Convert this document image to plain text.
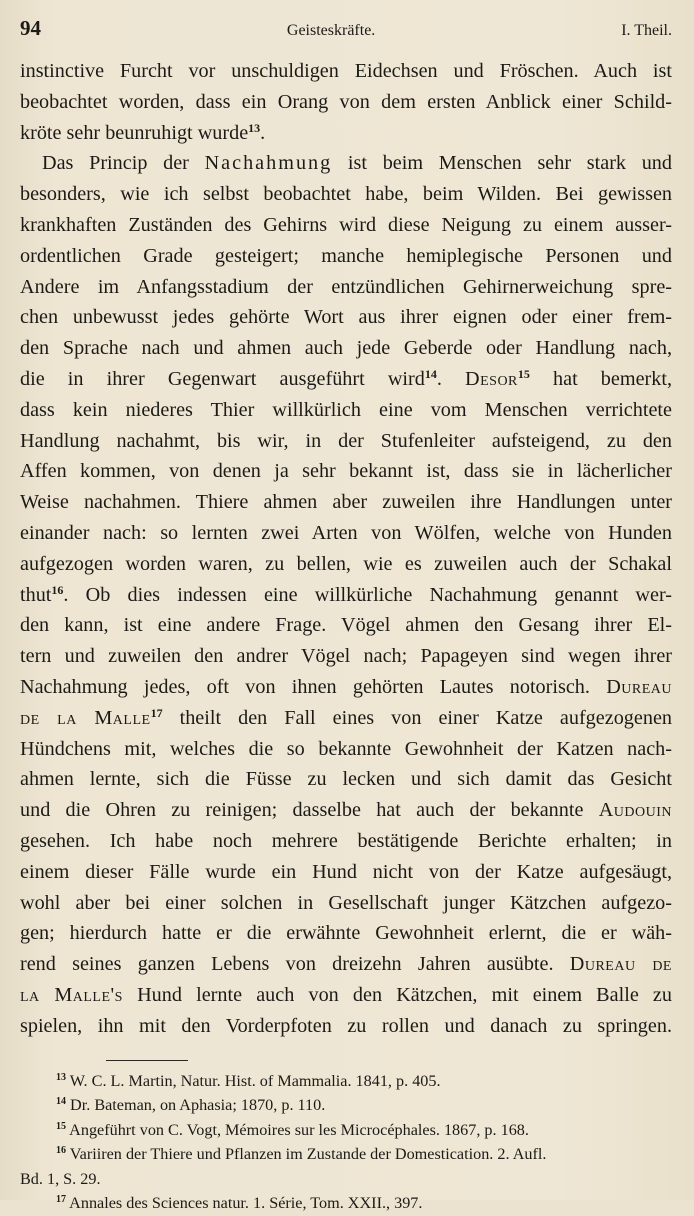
94	Geisteskräfte.	I. Theil.

instinctive Furcht vor unschuldigen Eidechsen und Fröschen. Auch ist

beobachtet worden, dass ein Orang von dem ersten Anblick einer Schild-

kröte sehr beunruhigt wurde$^{13}$.

Das Princip der Nachahmung ist beim Menschen sehr stark und

besonders, wie ich selbst beobachtet habe, beim Wilden. Bei gewissen

krankhaften Zuständen des Gehirns wird diese Neigung zu einem ausser-

ordentlichen Grade gesteigert; manche hemiplegische Personen und

Andere im Anfangsstadium der entzündlichen Gehirnerweichung spre-

chen unbewusst jedes gehörte Wort aus ihrer eignen oder einer frem-

den Sprache nach und ahmen auch jede Geberde oder Handlung nach,

die in ihrer Gegenwart ausgeführt wird$^{14}$. Desor$^{15}$ hat bemerkt,

dass kein niederes Thier willkürlich eine vom Menschen verrichtete

Handlung nachahmt, bis wir, in der Stufenleiter aufsteigend, zu den

Affen kommen, von denen ja sehr bekannt ist, dass sie in lächerlicher

Weise nachahmen. Thiere ahmen aber zuweilen ihre Handlungen unter

einander nach: so lernten zwei Arten von Wölfen, welche von Hunden

aufgezogen worden waren, zu bellen, wie es zuweilen auch der Schakal

thut$^{16}$. Ob dies indessen eine willkürliche Nachahmung genannt wer-

den kann, ist eine andere Frage. Vögel ahmen den Gesang ihrer El-

tern und zuweilen den andrer Vögel nach; Papageyen sind wegen ihrer

Nachahmung jedes, oft von ihnen gehörten Lautes notorisch. Dureau

de la Malle$^{17}$ theilt den Fall eines von einer Katze aufgezogenen

Hündchens mit, welches die so bekannte Gewohnheit der Katzen nach-

ahmen lernte, sich die Füsse zu lecken und sich damit das Gesicht

und die Ohren zu reinigen; dasselbe hat auch der bekannte Audouin

gesehen. Ich habe noch mehrere bestätigende Berichte erhalten; in

einem dieser Fälle wurde ein Hund nicht von der Katze aufgesäugt,

wohl aber bei einer solchen in Gesellschaft junger Kätzchen aufgezo-

gen; hierdurch hatte er die erwähnte Gewohnheit erlernt, die er wäh-

rend seines ganzen Lebens von dreizehn Jahren ausübte. Dureau de

la Malle's Hund lernte auch von den Kätzchen, mit einem Balle zu

spielen, ihn mit den Vorderpfoten zu rollen und danach zu springen.

$^{13}$ W. C. L. Martin, Natur. Hist. of Mammalia. 1841, p. 405.

$^{14}$ Dr. Bateman, on Aphasia; 1870, p. 110.

$^{15}$ Angeführt von C. Vogt, Mémoires sur les Microcéphales. 1867, p. 168.

$^{16}$ Variiren der Thiere und Pflanzen im Zustande der Domestication. 2. Aufl.

Bd. 1, S. 29.

$^{17}$ Annales des Sciences natur. 1. Série, Tom. XXII., 397.
